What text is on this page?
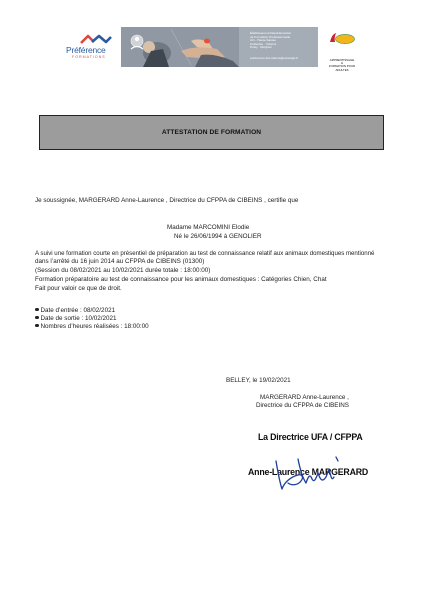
Préférence
FORMATIONS
Établissement Départemental
de Formation Professionnelle
Ain - Haute-Savoie
Ambérieu · Cibeins
Poisy · Reignier
preference-formations@educagri.fr	APPRENTISSAGE
&
FORMATION POUR ADULTES
ATTESTATION DE FORMATION
Je soussignée, MARGERARD Anne-Laurence , Directrice du CFPPA de CIBEINS , certifie que
Madame MARCOMINI Elodie
Né le 26/06/1994 à GENOLIER
A suivi une formation courte en présentiel de préparation au test de connaissance relatif aux animaux domestiques mentionné
dans l’arrêté du 16 juin 2014 au CFPPA de CIBEINS (01300)
(Session du 08/02/2021 au 10/02/2021 durée totale : 18:00:00)
Formation préparatoire au test de connaissance pour les animaux domestiques : Catégories Chien, Chat
Fait pour valoir ce que de droit.
Date d’entrée : 08/02/2021
Date de sortie : 10/02/2021
Nombres d’heures réalisées : 18:00:00
BELLEY, le 19/02/2021
MARGERARD Anne-Laurence ,
Directrice du CFPPA de CIBEINS
La Directrice UFA / CFPPA
Anne-Laurence MARGERARD
